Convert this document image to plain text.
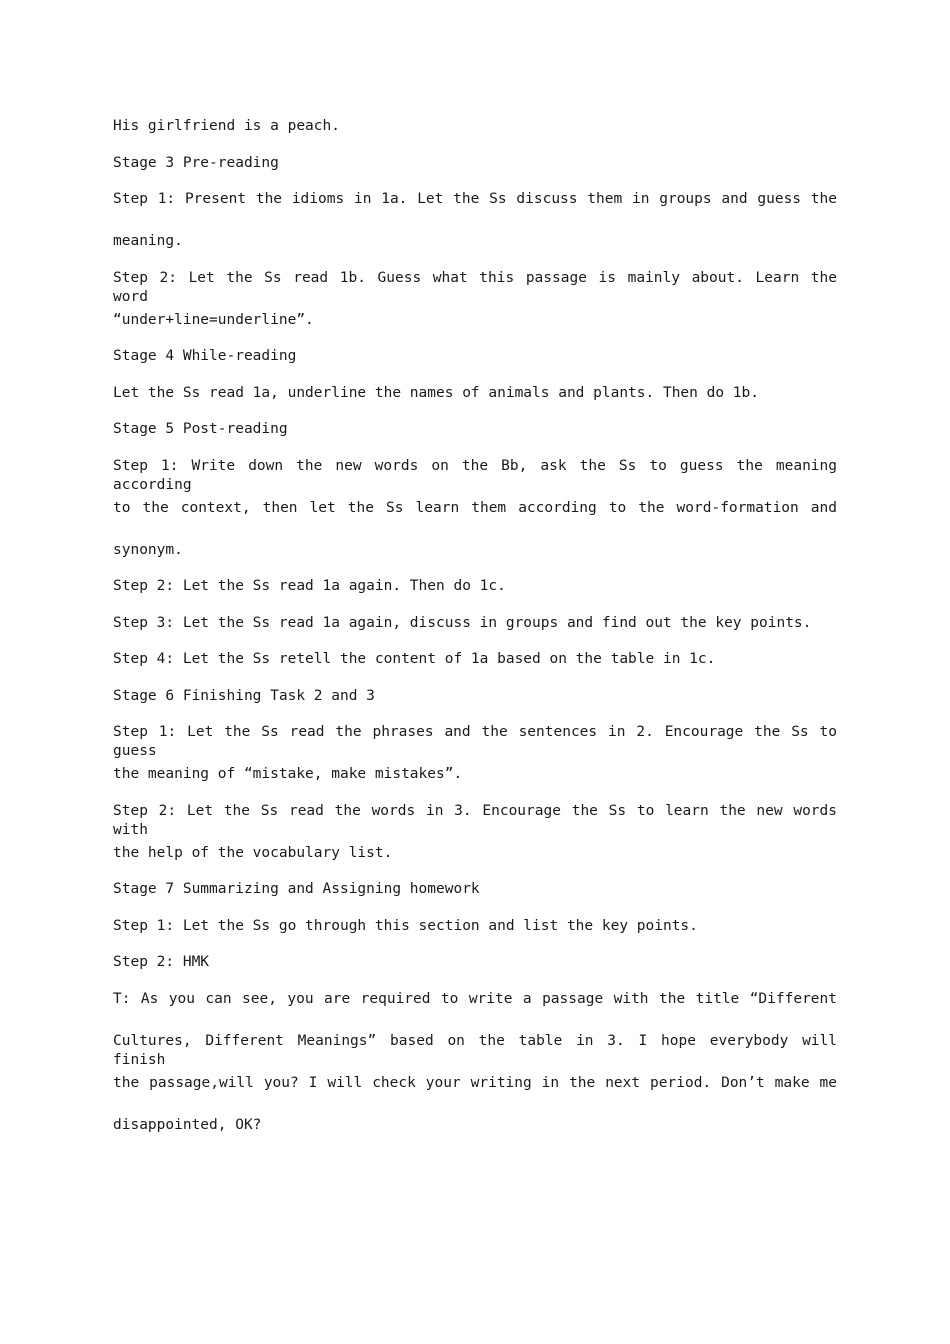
His girlfriend is a peach.

Stage 3 Pre-reading

Step 1: Present the idioms in 1a. Let the Ss discuss them in groups and guess the

meaning.

Step 2: Let the Ss read 1b. Guess what this passage is mainly about. Learn the word

“under+line=underline”.

Stage 4 While-reading

Let the Ss read 1a, underline the names of animals and plants. Then do 1b.

Stage 5 Post-reading

Step 1: Write down the new words on the Bb, ask the Ss to guess the meaning according

to the context, then let the Ss learn them according to the word-formation and

synonym.

Step 2: Let the Ss read 1a again. Then do 1c.

Step 3: Let the Ss read 1a again, discuss in groups and find out the key points.

Step 4: Let the Ss retell the content of 1a based on the table in 1c.

Stage 6 Finishing Task 2 and 3

Step 1: Let the Ss read the phrases and the sentences in 2. Encourage the Ss to guess

the meaning of “mistake, make mistakes”.

Step 2: Let the Ss read the words in 3. Encourage the Ss to learn the new words with

the help of the vocabulary list.

Stage 7 Summarizing and Assigning homework

Step 1: Let the Ss go through this section and list the key points.

Step 2: HMK

T: As you can see, you are required to write a passage with the title “Different

Cultures, Different Meanings” based on the table in 3. I hope everybody will finish

the passage,will you? I will check your writing in the next period. Don’t make me

disappointed, OK?
